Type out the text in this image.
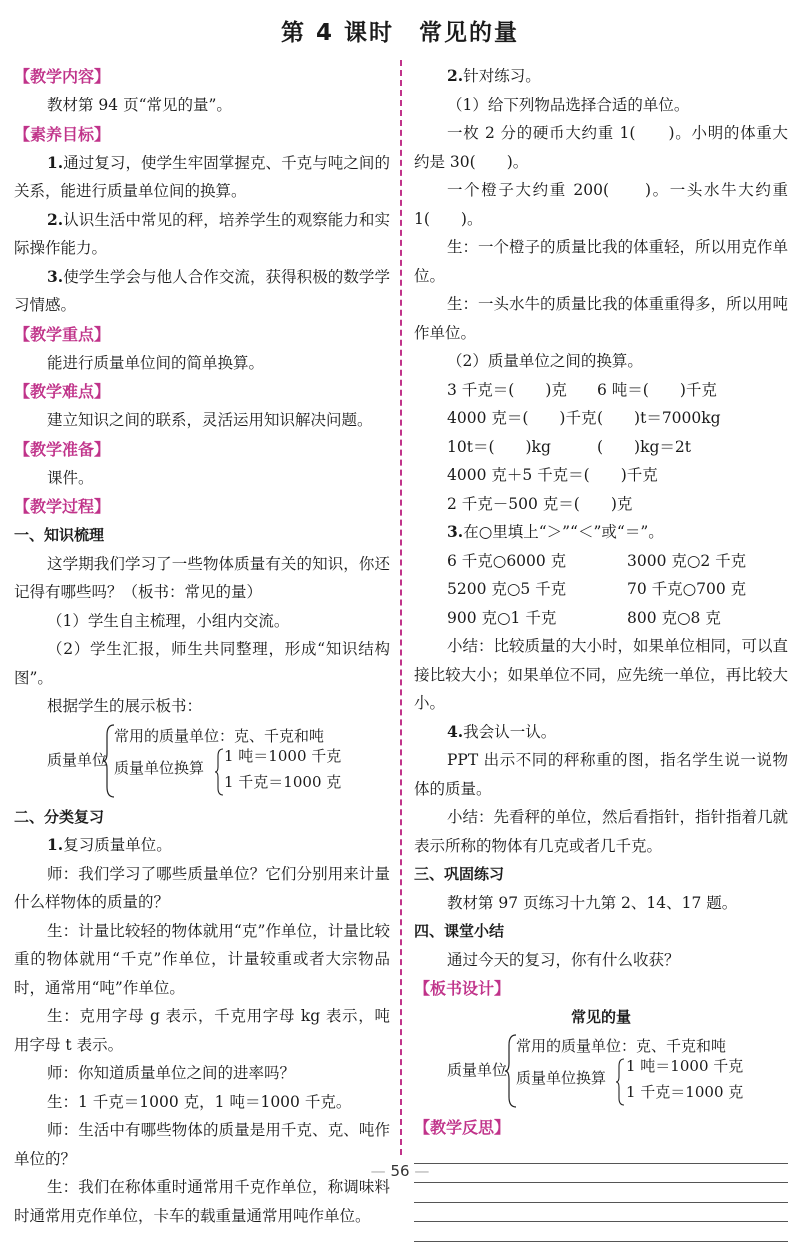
第 4 课时　常见的量
【教学内容】

教材第 94 页“常见的量”。

【素养目标】

1.通过复习，使学生牢固掌握克、千克与吨之间的关系，能进行质量单位间的换算。

2.认识生活中常见的秤，培养学生的观察能力和实际操作能力。

3.使学生学会与他人合作交流，获得积极的数学学习情感。

【教学重点】

能进行质量单位间的简单换算。

【教学难点】

建立知识之间的联系，灵活运用知识解决问题。

【教学准备】

课件。

【教学过程】
一、知识梳理

这学期我们学习了一些物体质量有关的知识，你还记得有哪些吗？（板书：常见的量）

（1）学生自主梳理，小组内交流。

（2）学生汇报，师生共同整理，形成“知识结构图”。

根据学生的展示板书：

质量单位
常用的质量单位：克、千克和吨
质量单位换算
1 吨＝1000 千克
1 千克＝1000 克
二、分类复习

1.复习质量单位。

师：我们学习了哪些质量单位？它们分别用来计量什么样物体的质量的？

生：计量比较轻的物体就用“克”作单位，计量比较重的物体就用“千克”作单位，计量较重或者大宗物品时，通常用“吨”作单位。

生：克用字母 g 表示，千克用字母 kg 表示，吨用字母 t 表示。

师：你知道质量单位之间的进率吗？

生：1 千克＝1000 克，1 吨＝1000 千克。

师：生活中有哪些物体的质量是用千克、克、吨作单位的？

生：我们在称体重时通常用千克作单位，称调味料时通常用克作单位，卡车的载重量通常用吨作单位。

2.针对练习。

（1）给下列物品选择合适的单位。

一枚 2 分的硬币大约重 1(　　)。小明的体重大约是 30(　　)。

一个橙子大约重 200(　　)。一头水牛大约重 1(　　)。

生：一个橙子的质量比我的体重轻，所以用克作单位。

生：一头水牛的质量比我的体重重得多，所以用吨作单位。

（2）质量单位之间的换算。

3 千克＝(　　)克	6 吨＝(　　)千克
4000 克＝(　　)千克 (　　)t＝7000kg
10t＝(　　)kg	(　　)kg＝2t

4000 克＋5 千克＝(　　)千克

2 千克－500 克＝(　　)克

3.在○里填上“＞”“＜”或“＝”。

6 千克○6000 克	3000 克○2 千克
5200 克○5 千克	70 千克○700 克
900 克○1 千克	800 克○8 克

小结：比较质量的大小时，如果单位相同，可以直接比较大小；如果单位不同，应先统一单位，再比较大小。

4.我会认一认。

PPT 出示不同的秤称重的图，指名学生说一说物体的质量。

小结：先看秤的单位，然后看指针，指针指着几就表示所称的物体有几克或者几千克。

三、巩固练习

教材第 97 页练习十九第 2、14、17 题。

四、课堂小结

通过今天的复习，你有什么收获？

【板书设计】
常见的量
质量单位
常用的质量单位：克、千克和吨
质量单位换算
1 吨＝1000 千克
1 千克＝1000 克
【教学反思】
— 56 —
